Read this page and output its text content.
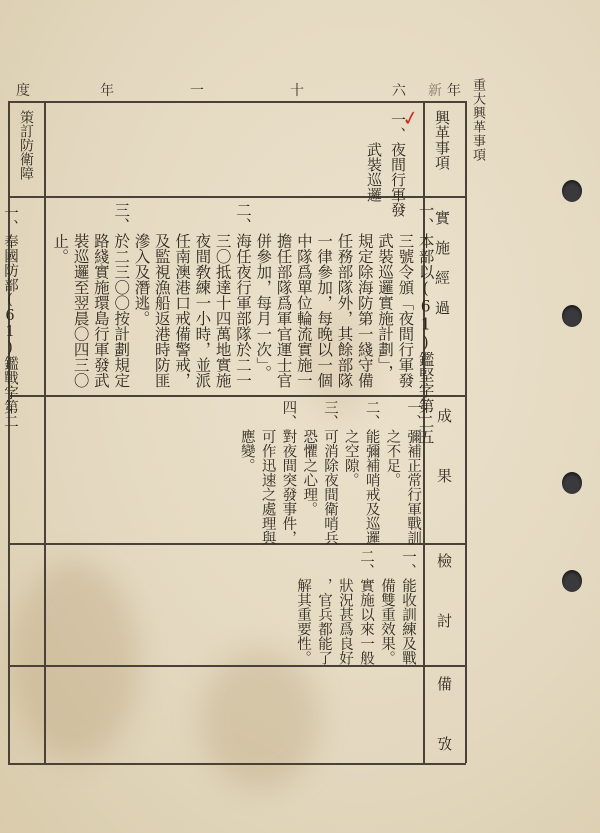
年
新
六
十
一
年
度	重大興革事項
興革事項
實　施　經　過
成　　　果
檢　　　討
備　　　攷
✓
一、夜間行軍發
　　武裝巡邏
一、本部以(61)鑑堅字第二五
　　三號令頒「夜間行軍發
　　武裝巡邏實施計劃」，
　　規定除海防第一綫守備
　　任務部隊外，其餘部隊
　　一律參加，每晚以一個
　　中隊爲單位輪流實施一
　　擔任部隊爲軍官運士官
　　併參加，每月一次」。
二、海任夜行軍部隊於二一
　　三〇抵達十四萬地實施
　　夜間敎練一小時，並派
　　任南澳港口戒備警戒，
　　及監視漁船返港時防匪
　　滲入及潛逃。
三、於二三〇〇按計劃規定
　　路綫實施環島行軍發武
　　裝巡邏至翌晨〇四三〇
　　止。
一、彌補正常行軍戰訓
　　之不足。
二、能彌補哨戒及巡邏
　　之空隙。
三、可消除夜間衛哨兵
　　恐懼之心理。
四、對夜間突發事件，
　　可作迅速之處理與
　　應變。
一、能收訓練及戰
　　備雙重效果。
二、實施以來一般
　　狀況甚爲良好
　　，官兵都能了
　　解其重要性。
策訂防衛障
一、奉國防部(61)鑑戰字第二
